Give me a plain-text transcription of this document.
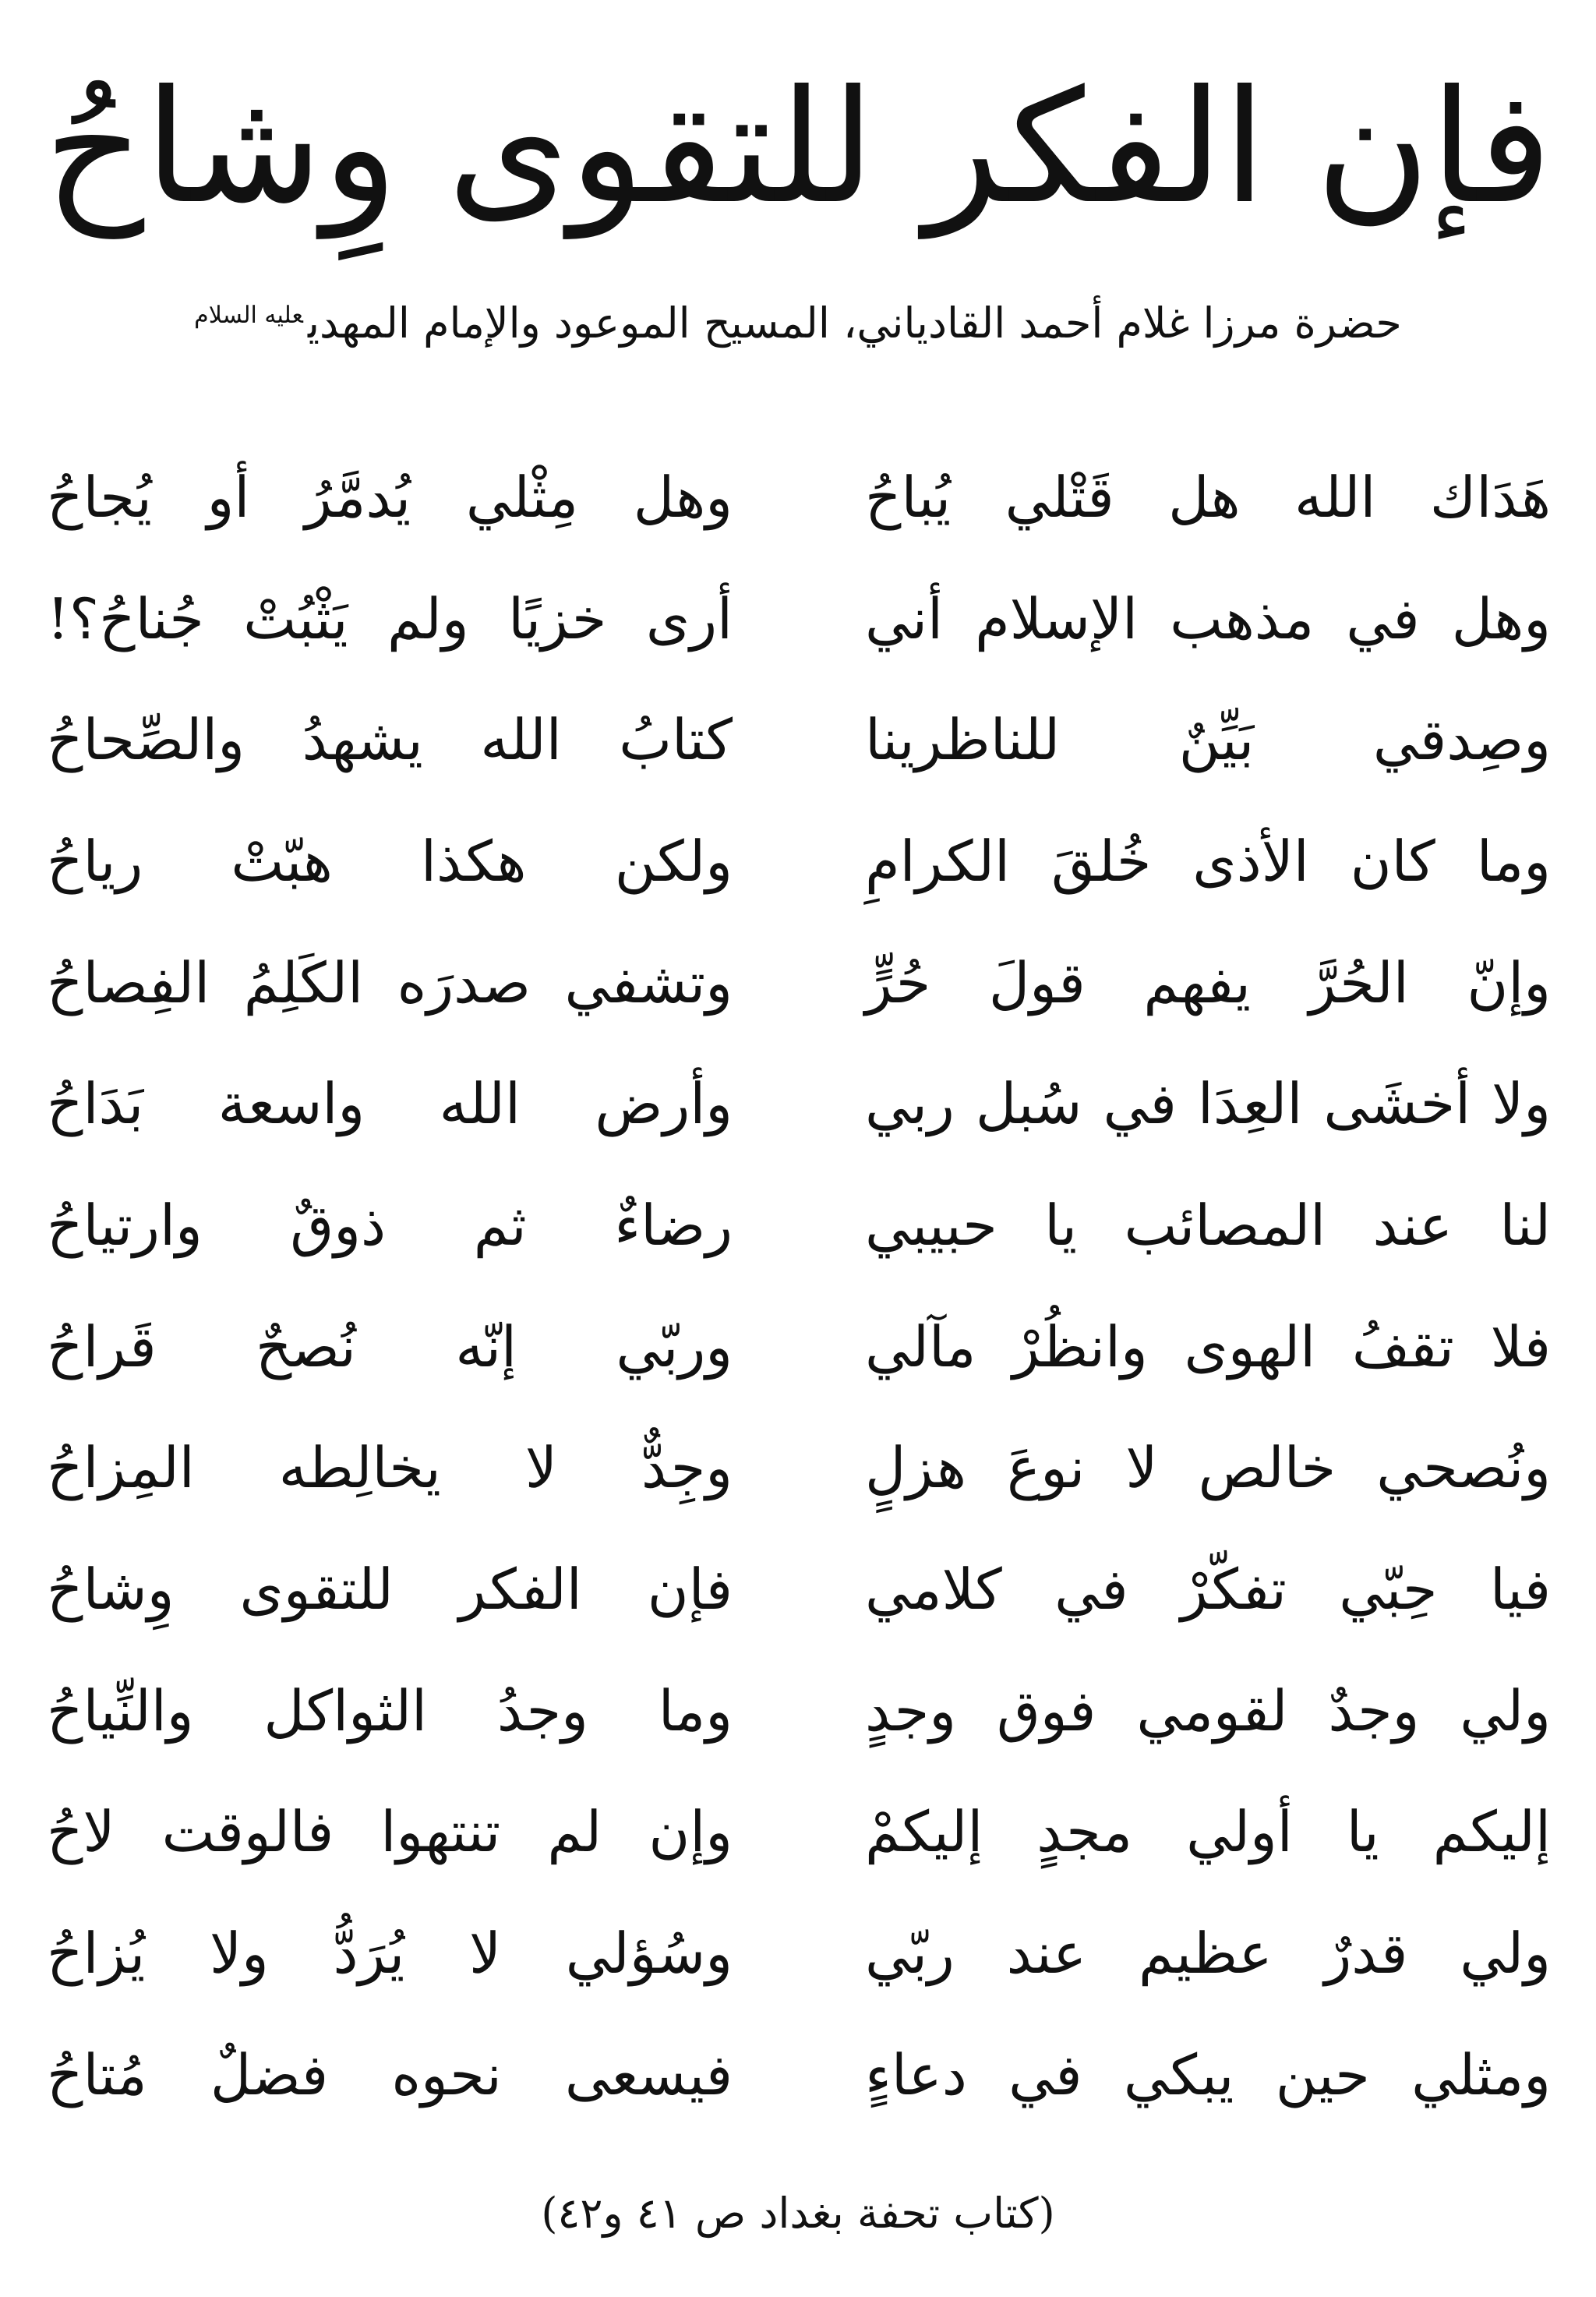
فإن الفكر للتقوى وِشاحُ

حضرة مرزا غلام أحمد القادياني، المسيح الموعود والإمام المهدي$^{عليه السلام}$

هَدَاك الله هل قَتْلي يُباحُ
وهل مِثْلي يُدمَّرُ أو يُجاحُ
وهل في مذهب الإسلام أني
أرى خزيًا ولم يَثْبُتْ جُناحُ؟!
وصِدقي بَيِّنٌ للناظرينا
كتابُ الله يشهدُ والصِّحاحُ
وما كان الأذى خُلقَ الكرامِ
ولكن هكذا هبّتْ رياحُ
وإنّ الحُرَّ يفهم قولَ حُرٍّ
وتشفي صدرَه الكَلِمُ الفِصاحُ
ولا أخشَى العِدَا في سُبل ربي
وأرض الله واسعة بَدَاحُ
لنا عند المصائب يا حبيبي
رضاءٌ ثم ذوقٌ وارتياحُ
فلا تقفُ الهوى وانظُرْ مآلي
وربّي إنّه نُصحٌ قَراحُ
ونُصحي خالص لا نوعَ هزلٍ
وجِدٌّ لا يخالِطه المِزاحُ
فيا حِبّي تفكّرْ في كلامي
فإن الفكر للتقوى وِشاحُ
ولي وجدٌ لقومي فوق وجدٍ
وما وجدُ الثواكل والنِّياحُ
إليكم يا أولي مجدٍ إليكمْ
وإن لم تنتهوا فالوقت لاحُ
ولي قدرٌ عظيم عند ربّي
وسُؤلي لا يُرَدُّ ولا يُزاحُ
ومثلي حين يبكي في دعاءٍ
فيسعى نحوه فضلٌ مُتاحُ

(كتاب تحفة بغداد ص ٤١ و٤٢)
